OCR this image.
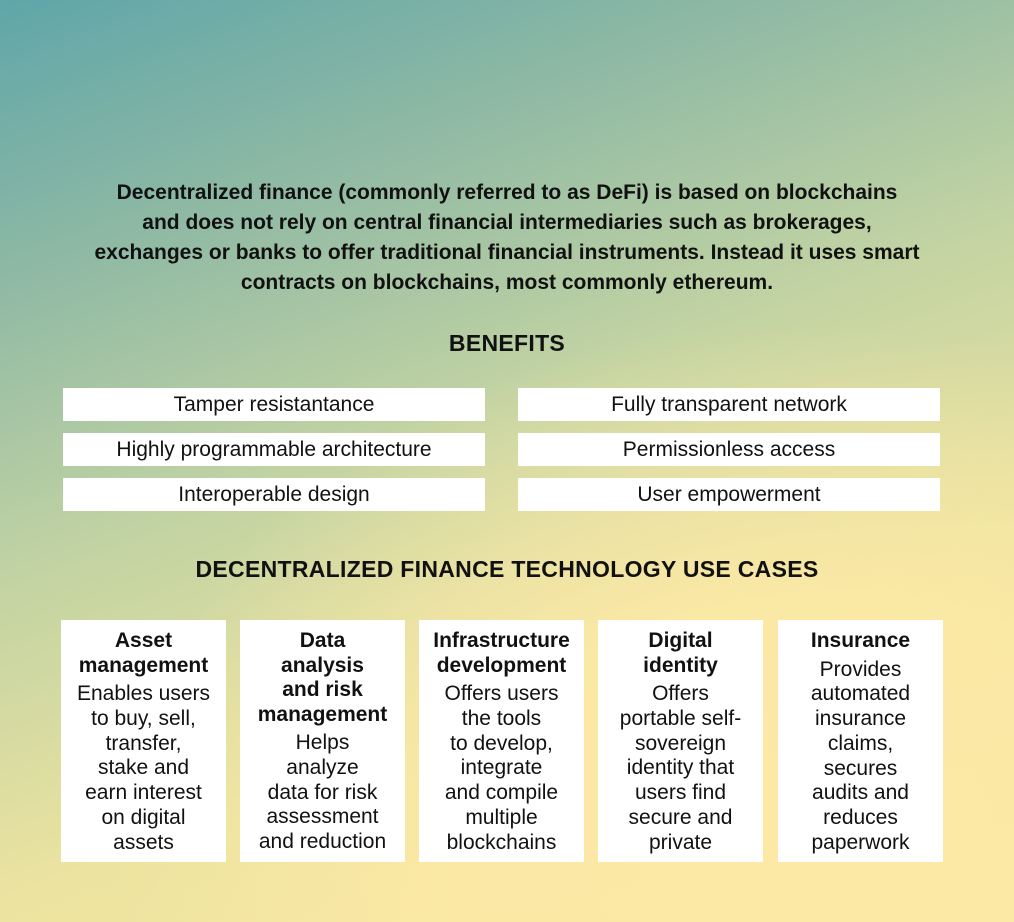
Decentralized finance (commonly referred to as DeFi) is based on blockchains
and does not rely on central financial intermediaries such as brokerages,
exchanges or banks to offer traditional financial instruments. Instead it uses smart
contracts on blockchains, most commonly ethereum.

BENEFITS
Tamper resistantance	Fully transparent network
Highly programmable architecture	Permissionless access
Interoperable design	User empowerment
DECENTRALIZED FINANCE TECHNOLOGY USE CASES
Asset
management
Enables users
to buy, sell,
transfer,
stake and
earn interest
on digital
assets
Data
analysis
and risk
management
Helps
analyze
data for risk
assessment
and reduction
Infrastructure
development
Offers users
the tools
to develop,
integrate
and compile
multiple
blockchains
Digital
identity
Offers
portable self-
sovereign
identity that
users find
secure and
private
Insurance
Provides
automated
insurance
claims,
secures
audits and
reduces
paperwork
